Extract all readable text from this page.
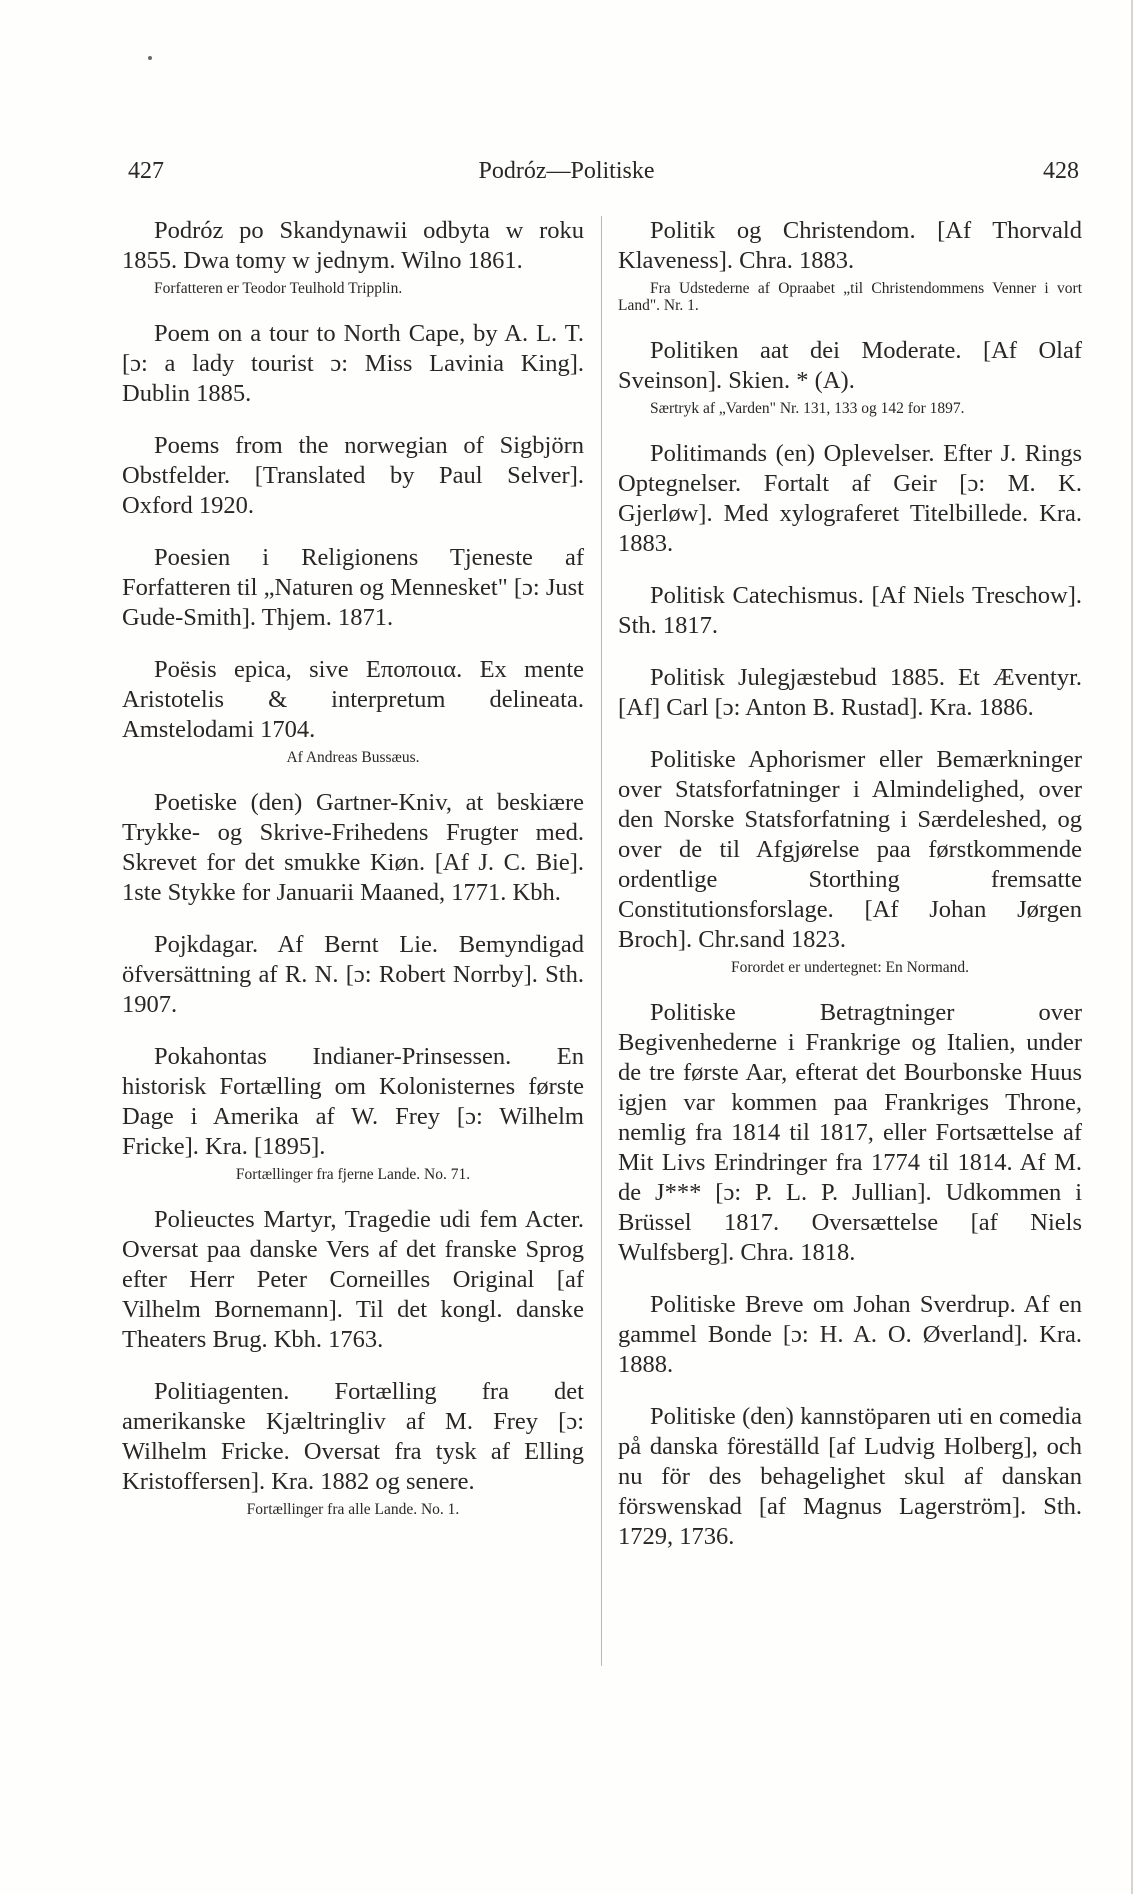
427	Podróz—Politiske	428
Podróz po Skandynawii odbyta w roku 1855. Dwa tomy w jednym. Wilno 1861.
Forfatteren er Teodor Teulhold Tripplin.
Poem on a tour to North Cape, by A. L. T. [ɔ: a lady tourist ɔ: Miss Lavinia King]. Dublin 1885.
Poems from the norwegian of Sigbjörn Obstfelder. [Translated by Paul Selver]. Oxford 1920.
Poesien i Religionens Tjeneste af Forfatteren til „Naturen og Mennesket" [ɔ: Just Gude-Smith]. Thjem. 1871.
Poësis epica, sive Εποποιια. Ex mente Aristotelis & interpretum delineata. Amstelodami 1704.
Af Andreas Bussæus.
Poetiske (den) Gartner-Kniv, at beskiære Trykke- og Skrive-Frihedens Frugter med. Skrevet for det smukke Kiøn. [Af J. C. Bie]. 1ste Stykke for Januarii Maaned, 1771. Kbh.
Pojkdagar. Af Bernt Lie. Bemyndigad öfversättning af R. N. [ɔ: Robert Norrby]. Sth. 1907.
Pokahontas Indianer-Prinsessen. En historisk Fortælling om Kolonisternes første Dage i Amerika af W. Frey [ɔ: Wilhelm Fricke]. Kra. [1895].
Fortællinger fra fjerne Lande. No. 71.
Polieuctes Martyr, Tragedie udi fem Acter. Oversat paa danske Vers af det franske Sprog efter Herr Peter Corneilles Original [af Vilhelm Bornemann]. Til det kongl. danske Theaters Brug. Kbh. 1763.
Politiagenten. Fortælling fra det amerikanske Kjæltringliv af M. Frey [ɔ: Wilhelm Fricke. Oversat fra tysk af Elling Kristoffersen]. Kra. 1882 og senere.
Fortællinger fra alle Lande. No. 1.
Politik og Christendom. [Af Thorvald Klaveness]. Chra. 1883.
Fra Udstederne af Opraabet „til Christendommens Venner i vort Land". Nr. 1.
Politiken aat dei Moderate. [Af Olaf Sveinson]. Skien. * (A).
Særtryk af „Varden" Nr. 131, 133 og 142 for 1897.
Politimands (en) Oplevelser. Efter J. Rings Optegnelser. Fortalt af Geir [ɔ: M. K. Gjerløw]. Med xylograferet Titelbillede. Kra. 1883.
Politisk Catechismus. [Af Niels Treschow]. Sth. 1817.
Politisk Julegjæstebud 1885. Et Æventyr. [Af] Carl [ɔ: Anton B. Rustad]. Kra. 1886.
Politiske Aphorismer eller Bemærkninger over Statsforfatninger i Almindelighed, over den Norske Statsforfatning i Særdeleshed, og over de til Afgjørelse paa førstkommende ordentlige Storthing fremsatte Constitutionsforslage. [Af Johan Jørgen Broch]. Chr.sand 1823.
Forordet er undertegnet: En Normand.
Politiske Betragtninger over Begivenhederne i Frankrige og Italien, under de tre første Aar, efterat det Bourbonske Huus igjen var kommen paa Frankriges Throne, nemlig fra 1814 til 1817, eller Fortsættelse af Mit Livs Erindringer fra 1774 til 1814. Af M. de J*** [ɔ: P. L. P. Jullian]. Udkommen i Brüssel 1817. Oversættelse [af Niels Wulfsberg]. Chra. 1818.
Politiske Breve om Johan Sverdrup. Af en gammel Bonde [ɔ: H. A. O. Øverland]. Kra. 1888.
Politiske (den) kannstöparen uti en comedia på danska föreställd [af Ludvig Holberg], och nu för des behagelighet skul af danskan förswenskad [af Magnus Lagerström]. Sth. 1729, 1736.
